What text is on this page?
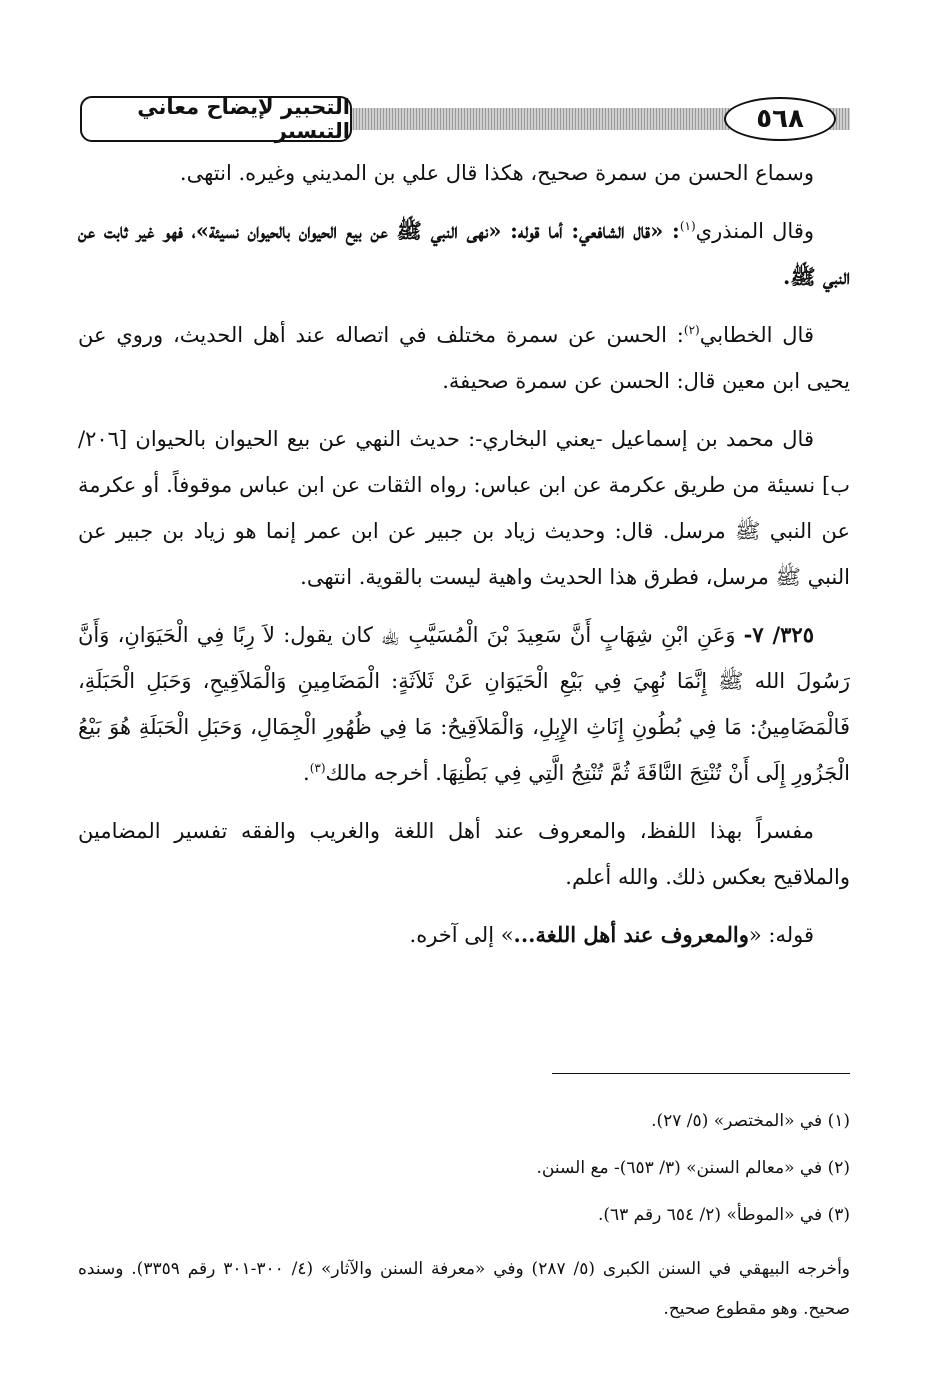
٥٦٨
التحبير لإيضاح معاني التيسير

وسماع الحسن من سمرة صحيح، هكذا قال علي بن المديني وغيره. انتهى.

وقال المنذري$^{(١)}$: «قال الشافعي: أما قوله: «نهى النبي ﷺ عن بيع الحيوان بالحيوان نسيئة»، فهو غير ثابت عن النبي ﷺ.

قال الخطابي$^{(٢)}$: الحسن عن سمرة مختلف في اتصاله عند أهل الحديث، وروي عن يحيى ابن معين قال: الحسن عن سمرة صحيفة.

قال محمد بن إسماعيل -يعني البخاري-: حديث النهي عن بيع الحيوان بالحيوان [٢٠٦/ب] نسيئة من طريق عكرمة عن ابن عباس: رواه الثقات عن ابن عباس موقوفاً. أو عكرمة عن النبي ﷺ مرسل. قال: وحديث زياد بن جبير عن ابن عمر إنما هو زياد بن جبير عن النبي ﷺ مرسل، فطرق هذا الحديث واهية ليست بالقوية. انتهى.

٣٢٥/ ٧- وَعَنِ ابْنِ شِهَابٍ أَنَّ سَعِيدَ بْنَ الْمُسَيَّبِ ﵀ كان يقول: لاَ رِبًا فِي الْحَيَوَانِ، وَأَنَّ رَسُولَ الله ﷺ إِنَّمَا نُهِيَ فِي بَيْعِ الْحَيَوَانِ عَنْ ثَلاَثَةٍ: الْمَضَامِينِ وَالْمَلاَقِيحِ، وَحَبَلِ الْحَبَلَةِ، فَالْمَضَامِينُ: مَا فِي بُطُونِ إِنَاثِ الإِبِلِ، وَالْمَلاَقِيحُ: مَا فِي ظُهُورِ الْجِمَالِ، وَحَبَلِ الْحَبَلَةِ هُوَ بَيْعُ الْجَزُورِ إِلَى أَنْ تُنْتِجَ النَّاقَةَ ثُمَّ تُنْتِجُ الَّتِي فِي بَطْنِهَا. أخرجه مالك$^{(٣)}$.

مفسراً بهذا اللفظ، والمعروف عند أهل اللغة والغريب والفقه تفسير المضامين والملاقيح بعكس ذلك. والله أعلم.

قوله: «والمعروف عند أهل اللغة...» إلى آخره.

(١) في «المختصر» (٥/ ٢٧).

(٢) في «معالم السنن» (٣/ ٦٥٣)- مع السنن.

(٣) في «الموطأ» (٢/ ٦٥٤ رقم ٦٣).

وأخرجه البيهقي في السنن الكبرى (٥/ ٢٨٧) وفي «معرفة السنن والآثار» (٤/ ٣٠٠-٣٠١ رقم ٣٣٥٩). وسنده صحيح. وهو مقطوع صحيح.
